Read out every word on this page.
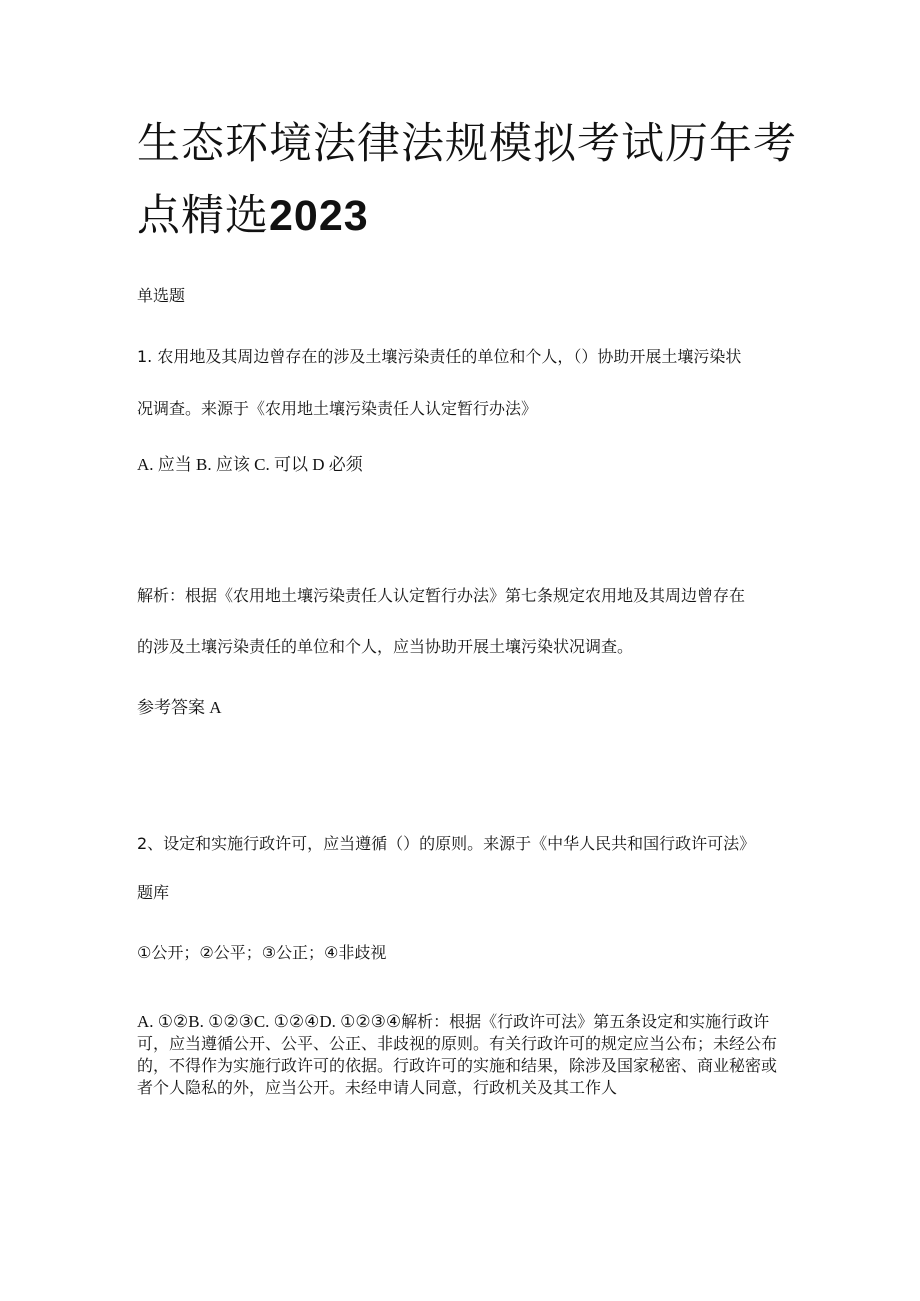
生态环境法律法规模拟考试历年考点精选2023

单选题

1. 农用地及其周边曾存在的涉及土壤污染责任的单位和个人，（）协助开展土壤污染状

况调查。来源于《农用地土壤污染责任人认定暂行办法》

A. 应当 B. 应该 C. 可以 D 必须

解析：根据《农用地土壤污染责任人认定暂行办法》第七条规定农用地及其周边曾存在

的涉及土壤污染责任的单位和个人，应当协助开展土壤污染状况调查。

参考答案 A

2、设定和实施行政许可，应当遵循（）的原则。来源于《中华人民共和国行政许可法》

题库

①公开；②公平；③公正；④非歧视

A. ①②B. ①②③C. ①②④D. ①②③④解析：根据《行政许可法》第五条设定和实施行政许可，应当遵循公开、公平、公正、非歧视的原则。有关行政许可的规定应当公布；未经公布的，不得作为实施行政许可的依据。行政许可的实施和结果，除涉及国家秘密、商业秘密或者个人隐私的外，应当公开。未经申请人同意，行政机关及其工作人
